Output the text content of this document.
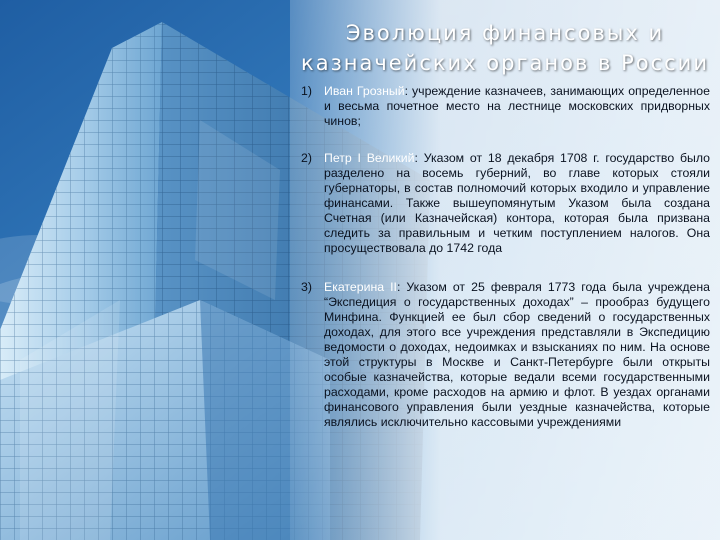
Эволюция финансовых и
казначейских органов в России
1) Иван Грозный: учреждение казначеев, занимающих определенное и весьма почетное место на лестнице московских придворных чинов;
2) Петр I Великий: Указом от 18 декабря 1708 г. государство было разделено на восемь губерний, во главе которых стояли губернаторы, в состав полномочий которых входило и управление финансами. Также вышеупомянутым Указом была создана Счетная (или Казначейская) контора, которая была призвана следить за правильным и четким поступлением налогов. Она просуществовала до 1742 года
3) Екатерина II: Указом от 25 февраля 1773 года была учреждена “Экспедиция о государственных доходах” – прообраз будущего Минфина. Функцией ее был сбор сведений о государственных доходах, для этого все учреждения представляли в Экспедицию ведомости о доходах, недоимках и взысканиях по ним. На основе этой структуры в Москве и Санкт-Петербурге были открыты особые казначейства, которые ведали всеми государственными расходами, кроме расходов на армию и флот. В уездах органами финансового управления были уездные казначейства, которые являлись исключительно кассовыми учреждениями
